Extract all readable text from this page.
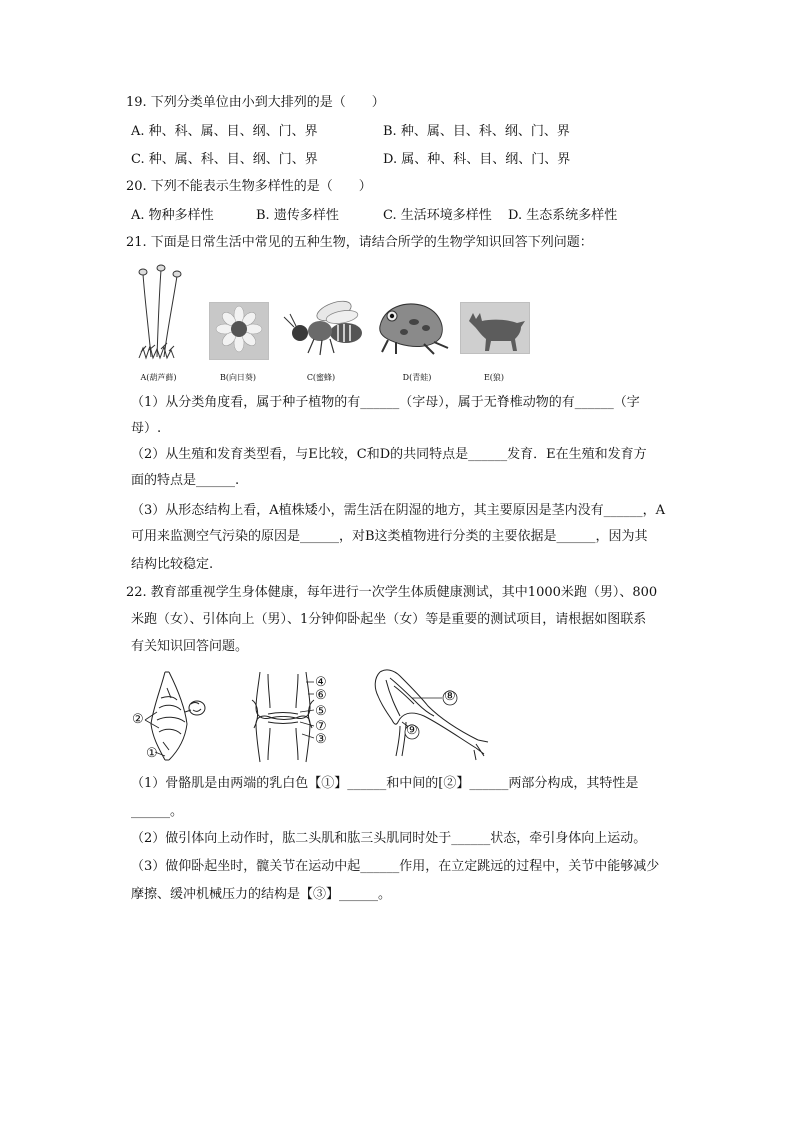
19. 下列分类单位由小到大排列的是（　　）
A. 种、科、属、目、纲、门、界	B. 种、属、目、科、纲、门、界
C. 种、属、科、目、纲、门、界	D. 属、种、科、目、纲、门、界
20. 下列不能表示生物多样性的是（　　）
A. 物种多样性	B. 遗传多样性	C. 生活环境多样性 D. 生态系统多样性
21. 下面是日常生活中常见的五种生物，请结合所学的生物学知识回答下列问题：
A(葫芦藓)	B(向日葵)	C(蜜蜂)	D(青蛙)	E(狼)
（1）从分类角度看，属于种子植物的有______（字母），属于无脊椎动物的有______（字
母）.
（2）从生殖和发育类型看，与E比较，C和D的共同特点是______发育．E在生殖和发育方
面的特点是______.
（3）从形态结构上看，A植株矮小，需生活在阴湿的地方，其主要原因是茎内没有______，A
可用来监测空气污染的原因是______，对B这类植物进行分类的主要依据是______，因为其
结构比较稳定.
22. 教育部重视学生身体健康，每年进行一次学生体质健康测试，其中1000米跑（男）、800
米跑（女）、引体向上（男）、1分钟仰卧起坐（女）等是重要的测试项目，请根据如图联系
有关知识回答问题。
②
①
④
⑥
⑤
⑦
③
⑧
⑨
（1）骨骼肌是由两端的乳白色【①】______和中间的[②】______两部分构成，其特性是
______。
（2）做引体向上动作时，肱二头肌和肱三头肌同时处于______状态，牵引身体向上运动。
（3）做仰卧起坐时，髋关节在运动中起______作用，在立定跳远的过程中，关节中能够减少
摩擦、缓冲机械压力的结构是【③】______。
